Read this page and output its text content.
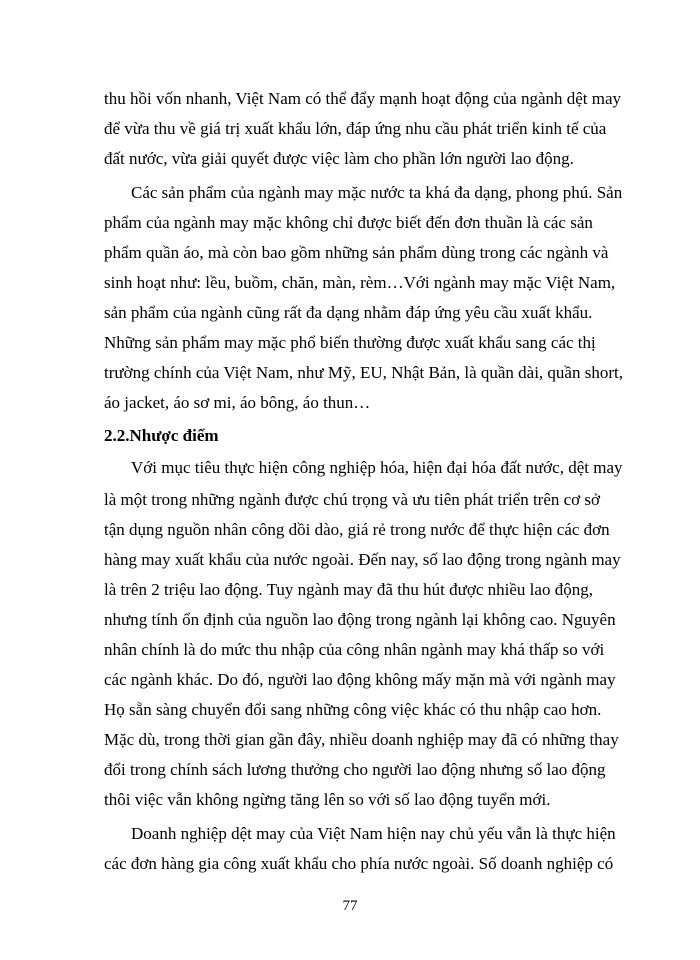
thu hồi vốn nhanh, Việt Nam có thể đẩy mạnh hoạt động của ngành dệt may
để vừa thu về giá trị xuất khẩu lớn, đáp ứng nhu cầu phát triển kinh tế của
đất nước, vừa giải quyết được việc làm cho phần lớn người lao động.
Các sản phẩm của ngành may mặc nước ta khá đa dạng, phong phú. Sản
phẩm của ngành may mặc không chỉ được biết đến đơn thuần là các sản
phẩm quần áo, mà còn bao gồm những sản phẩm dùng trong các ngành và
sinh hoạt như: lều, buồm, chăn, màn, rèm…Với ngành may mặc Việt Nam,
sản phẩm của ngành cũng rất đa dạng nhằm đáp ứng yêu cầu xuất khẩu.
Những sản phẩm may mặc phổ biến thường được xuất khẩu sang các thị
trường chính của Việt Nam, như Mỹ, EU, Nhật Bản, là quần dài, quần short,
áo jacket, áo sơ mi, áo bông, áo thun…
2.2.Nhược điểm
Với mục tiêu thực hiện công nghiệp hóa, hiện đại hóa đất nước, dệt may
là một trong những ngành được chú trọng và ưu tiên phát triển trên cơ sở
tận dụng nguồn nhân công dồi dào, giá rẻ trong nước để thực hiện các đơn
hàng may xuất khẩu của nước ngoài. Đến nay, số lao động trong ngành may
là trên 2 triệu lao động. Tuy ngành may đã thu hút được nhiều lao động,
nhưng tính ổn định của nguồn lao động trong ngành lại không cao. Nguyên
nhân chính là do mức thu nhập của công nhân ngành may khá thấp so với
các ngành khác. Do đó, người lao động không mấy mặn mà với ngành may
Họ sẵn sàng chuyển đổi sang những công việc khác có thu nhập cao hơn.
Mặc dù, trong thời gian gần đây, nhiều doanh nghiệp may đã có những thay
đổi trong chính sách lương thưởng cho người lao động nhưng số lao động
thôi việc vẫn không ngừng tăng lên so với số lao động tuyển mới.
Doanh nghiệp dệt may của Việt Nam hiện nay chủ yếu vẫn là thực hiện
các đơn hàng gia công xuất khẩu cho phía nước ngoài. Số doanh nghiệp có
77
